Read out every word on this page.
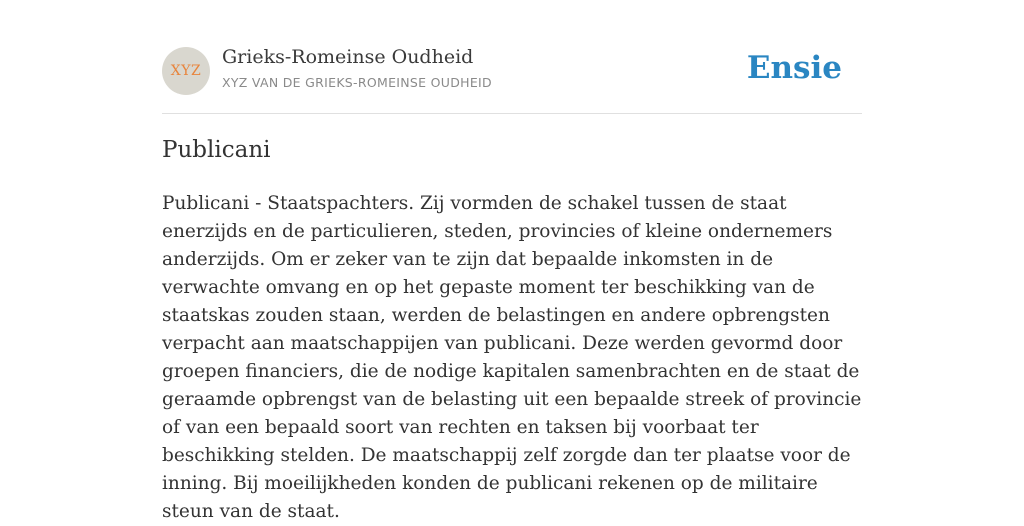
XYZ
Grieks-Romeinse Oudheid
XYZ VAN DE GRIEKS-ROMEINSE OUDHEID	Ensie
Publicani

Publicani - Staatspachters. Zij vormden de schakel tussen de staat enerzijds en de particulieren, steden, provincies of kleine ondernemers anderzijds. Om er zeker van te zijn dat bepaalde inkomsten in de verwachte omvang en op het gepaste moment ter beschikking van de staatskas zouden staan, werden de belastingen en andere opbrengsten verpacht aan maatschappijen van publicani. Deze werden gevormd door groepen financiers, die de nodige kapitalen samenbrachten en de staat de geraamde opbrengst van de belasting uit een bepaalde streek of provincie of van een bepaald soort van rechten en taksen bij voorbaat ter beschikking stelden. De maatschappij zelf zorgde dan ter plaatse voor de inning. Bij moeilijkheden konden de publicani rekenen op de militaire steun van de staat.
